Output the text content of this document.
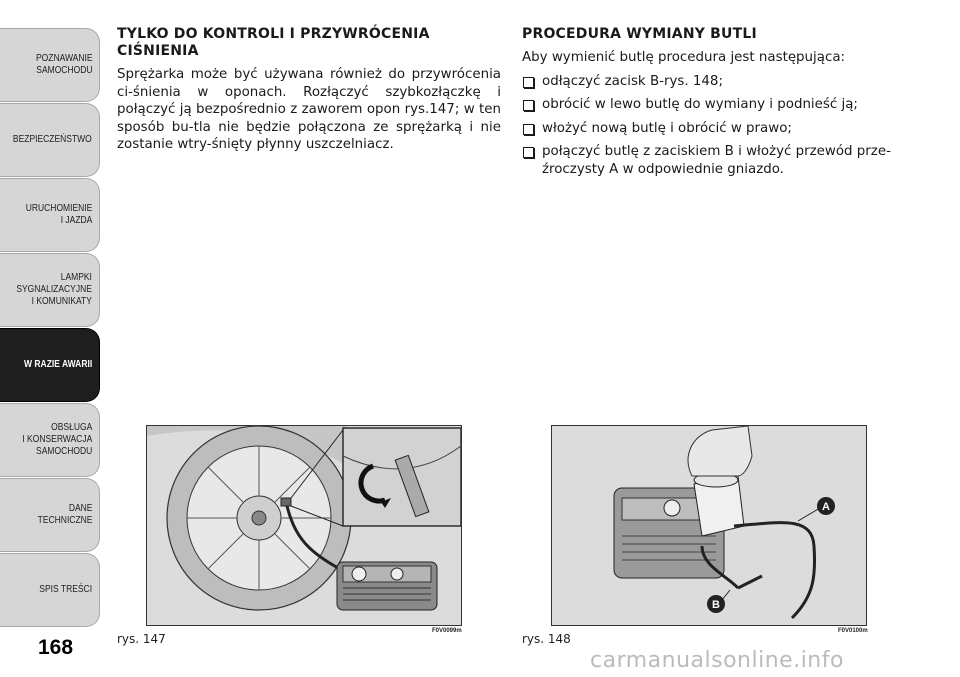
POZNAWANIE
SAMOCHODU
BEZPIECZEŃSTWO
URUCHOMIENIE
I JAZDA
LAMPKI
SYGNALIZACYJNE
I KOMUNIKATY
W RAZIE AWARII
OBSŁUGA
I KONSERWACJA
SAMOCHODU
DANE
TECHNICZNE
SPIS TREŚCI
168
TYLKO DO KONTROLI I PRZYWRÓCENIA CIŚNIENIA

Sprężarka może być używana również do przywrócenia ci-śnienia w oponach. Rozłączyć szybkozłączkę i połączyć ją bezpośrednio z zaworem opon rys.147; w ten sposób bu-tla nie będzie połączona ze sprężarką i nie zostanie wtry-śnięty płynny uszczelniacz.

PROCEDURA WYMIANY BUTLI

Aby wymienić butlę procedura jest następująca:

odłączyć zacisk B-rys. 148;
obrócić w lewo butlę do wymiany i podnieść ją;
włożyć nową butlę i obrócić w prawo;
połączyć butlę z zaciskiem B i włożyć przewód prze-źroczysty A w odpowiednie gniazdo.
rys. 147
F0V0099m
A
B
rys. 148
F0V0100m
carmanualsonline.info
